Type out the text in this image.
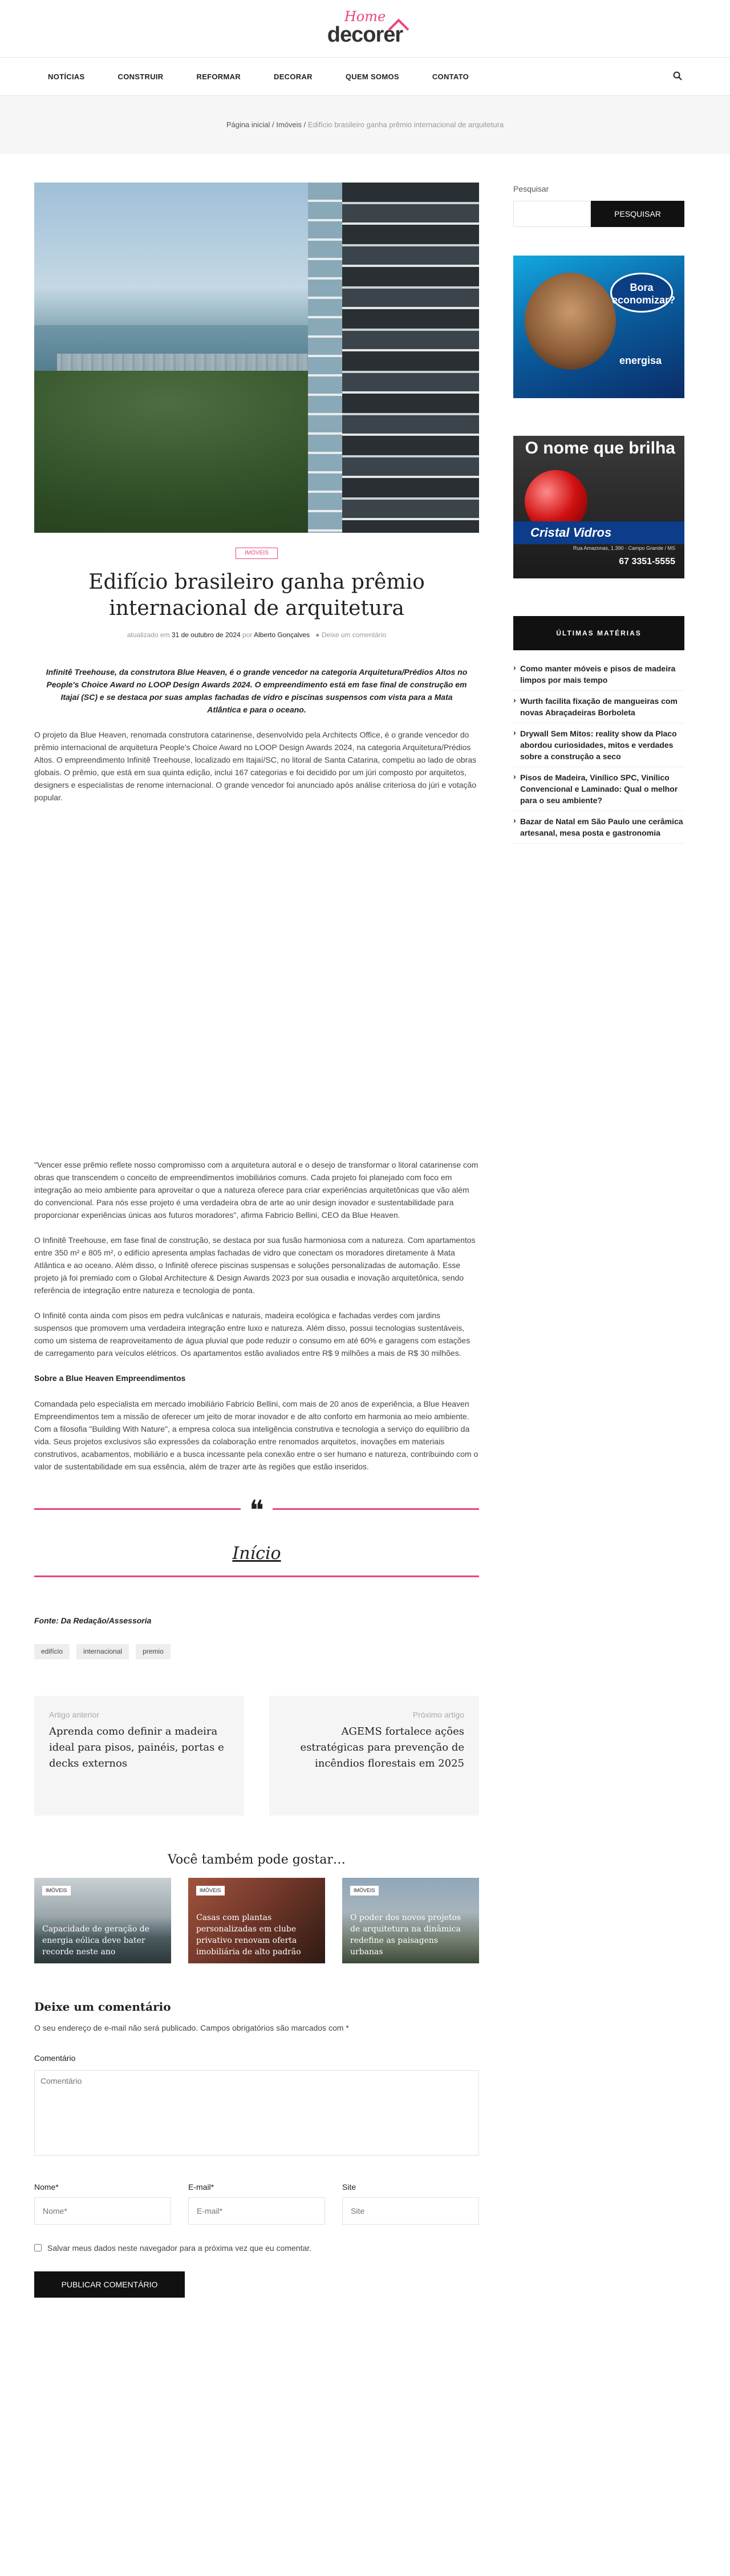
Home
decorer
NOTÍCIAS	CONSTRUIR	REFORMAR	DECORAR	QUEM SOMOS	CONTATO
Página inicial / Imóveis / Edifício brasileiro ganha prêmio internacional de arquitetura
IMÓVEIS
Edifício brasileiro ganha prêmio internacional de arquitetura
atualizado em 31 de outubro de 2024 por Alberto Gonçalves ● Deixe um comentário

Infinitê Treehouse, da construtora Blue Heaven, é o grande vencedor na categoria Arquitetura/Prédios Altos no People's Choice Award no LOOP Design Awards 2024. O empreendimento está em fase final de construção em Itajaí (SC) e se destaca por suas amplas fachadas de vidro e piscinas suspensos com vista para a Mata Atlântica e para o oceano.

O projeto da Blue Heaven, renomada construtora catarinense, desenvolvido pela Architects Office, é o grande vencedor do prêmio internacional de arquitetura People's Choice Award no LOOP Design Awards 2024, na categoria Arquitetura/Prédios Altos. O empreendimento Infinitê Treehouse, localizado em Itajaí/SC, no litoral de Santa Catarina, competiu ao lado de obras globais. O prêmio, que está em sua quinta edição, inclui 167 categorias e foi decidido por um júri composto por arquitetos, designers e especialistas de renome internacional. O grande vencedor foi anunciado após análise criteriosa do júri e votação popular.

"Vencer esse prêmio reflete nosso compromisso com a arquitetura autoral e o desejo de transformar o litoral catarinense com obras que transcendem o conceito de empreendimentos imobiliários comuns. Cada projeto foi planejado com foco em integração ao meio ambiente para aproveitar o que a natureza oferece para criar experiências arquitetônicas que vão além do convencional. Para nós esse projeto é uma verdadeira obra de arte ao unir design inovador e sustentabilidade para proporcionar experiências únicas aos futuros moradores", afirma Fabricio Bellini, CEO da Blue Heaven.

O Infinitê Treehouse, em fase final de construção, se destaca por sua fusão harmoniosa com a natureza. Com apartamentos entre 350 m² e 805 m², o edifício apresenta amplas fachadas de vidro que conectam os moradores diretamente à Mata Atlântica e ao oceano. Além disso, o Infinitê oferece piscinas suspensas e soluções personalizadas de automação. Esse projeto já foi premiado com o Global Architecture & Design Awards 2023 por sua ousadia e inovação arquitetônica, sendo referência de integração entre natureza e tecnologia de ponta.

O Infinitê conta ainda com pisos em pedra vulcânicas e naturais, madeira ecológica e fachadas verdes com jardins suspensos que promovem uma verdadeira integração entre luxo e natureza. Além disso, possui tecnologias sustentáveis, como um sistema de reaproveitamento de água pluvial que pode reduzir o consumo em até 60% e garagens com estações de carregamento para veículos elétricos. Os apartamentos estão avaliados entre R$ 9 milhões a mais de R$ 30 milhões.

Sobre a Blue Heaven Empreendimentos

Comandada pelo especialista em mercado imobiliário Fabricio Bellini, com mais de 20 anos de experiência, a Blue Heaven Empreendimentos tem a missão de oferecer um jeito de morar inovador e de alto conforto em harmonia ao meio ambiente. Com a filosofia "Building With Nature", a empresa coloca sua inteligência construtiva e tecnologia a serviço do equilíbrio da vida. Seus projetos exclusivos são expressões da colaboração entre renomados arquitetos, inovações em materiais construtivos, acabamentos, mobiliário e a busca incessante pela conexão entre o ser humano e natureza, contribuindo com o valor de sustentabilidade em sua essência, além de trazer arte às regiões que estão inseridos.

❝
Início

Fonte: Da Redação/Assessoria

edifício	internacional	premio
Artigo anterior
Aprenda como definir a madeira ideal para pisos, painéis, portas e decks externos
Próximo artigo
AGEMS fortalece ações estratégicas para prevenção de incêndios florestais em 2025
Você também pode gostar…
IMÓVEIS
Capacidade de geração de energia eólica deve bater recorde neste ano
IMÓVEIS
Casas com plantas personalizadas em clube privativo renovam oferta imobiliária de alto padrão
IMÓVEIS
O poder dos novos projetos de arquitetura na dinâmica redefine as paisagens urbanas
Deixe um comentário

O seu endereço de e-mail não será publicado. Campos obrigatórios são marcados com *

Comentário
Comentário
Nome*
Nome*	E-mail*
E-mail*	Site
Site
Salvar meus dados neste navegador para a próxima vez que eu comentar.
PUBLICAR COMENTÁRIO
Pesquisar
PESQUISAR
Bora economizar?
energisa
O nome que brilha
Cristal Vidros
Rua Amazonas, 1.390 - Campo Grande / MS
67 3351-5555
ÚLTIMAS MATÉRIAS
› Como manter móveis e pisos de madeira limpos por mais tempo
› Wurth facilita fixação de mangueiras com novas Abraçadeiras Borboleta
› Drywall Sem Mitos: reality show da Placo abordou curiosidades, mitos e verdades sobre a construção a seco
› Pisos de Madeira, Vinílico SPC, Vinílico Convencional e Laminado: Qual o melhor para o seu ambiente?
› Bazar de Natal em São Paulo une cerâmica artesanal, mesa posta e gastronomia
